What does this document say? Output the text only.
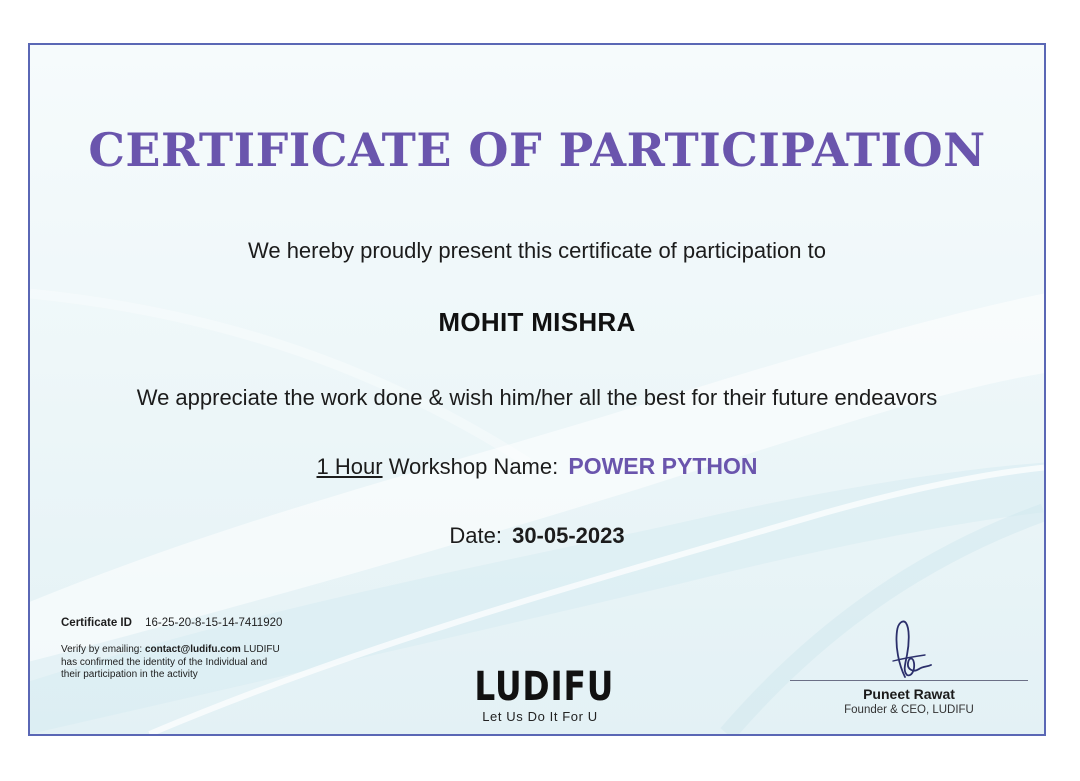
CERTIFICATE OF PARTICIPATION
We hereby proudly present this certificate of participation to
MOHIT MISHRA
We appreciate the work done & wish him/her all the best for their future endeavors
1 Hour Workshop Name: POWER PYTHON
Date: 30-05-2023
Certificate ID 16-25-20-8-15-14-7411920
Verify by emailing: contact@ludifu.com LUDIFU has confirmed the identity of the Individual and their participation in the activity	LUDIFU
Let Us Do It For U
Puneet Rawat
Founder & CEO, LUDIFU
